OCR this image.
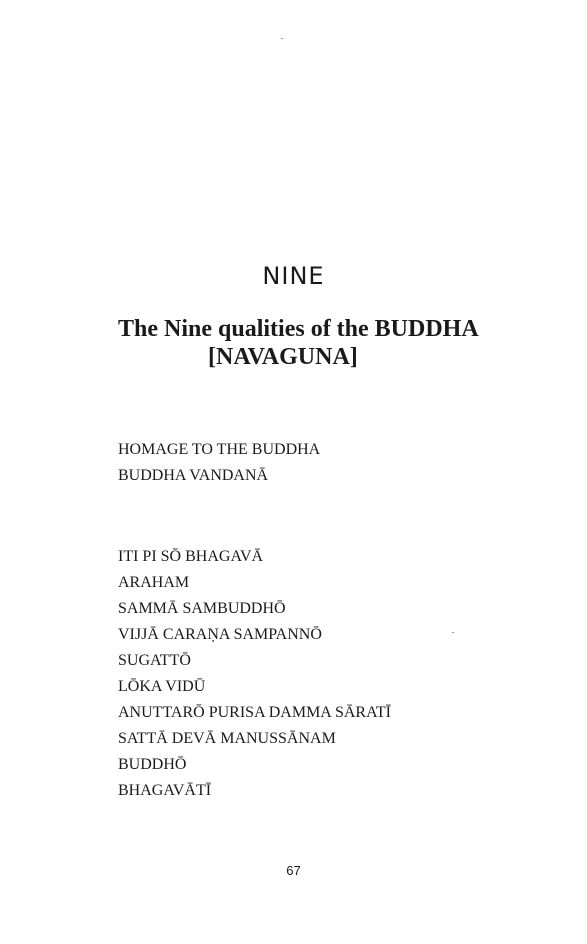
NINE
The Nine qualities of the BUDDHA
[NAVAGUNA]
HOMAGE TO THE BUDDHA
BUDDHA VANDANĀ
ITI PI SŌ BHAGAVĀ
ARAHAM
SAMMĀ SAMBUDDHŌ
VIJJĀ CARAṆA SAMPANNŌ
SUGATTŌ
LŌKA VIDŪ
ANUTTARŌ PURISA DAMMA SĀRATĪ
SATTĀ DEVĀ MANUSSĀNAM
BUDDHŌ
BHAGAVĀTĪ
67
